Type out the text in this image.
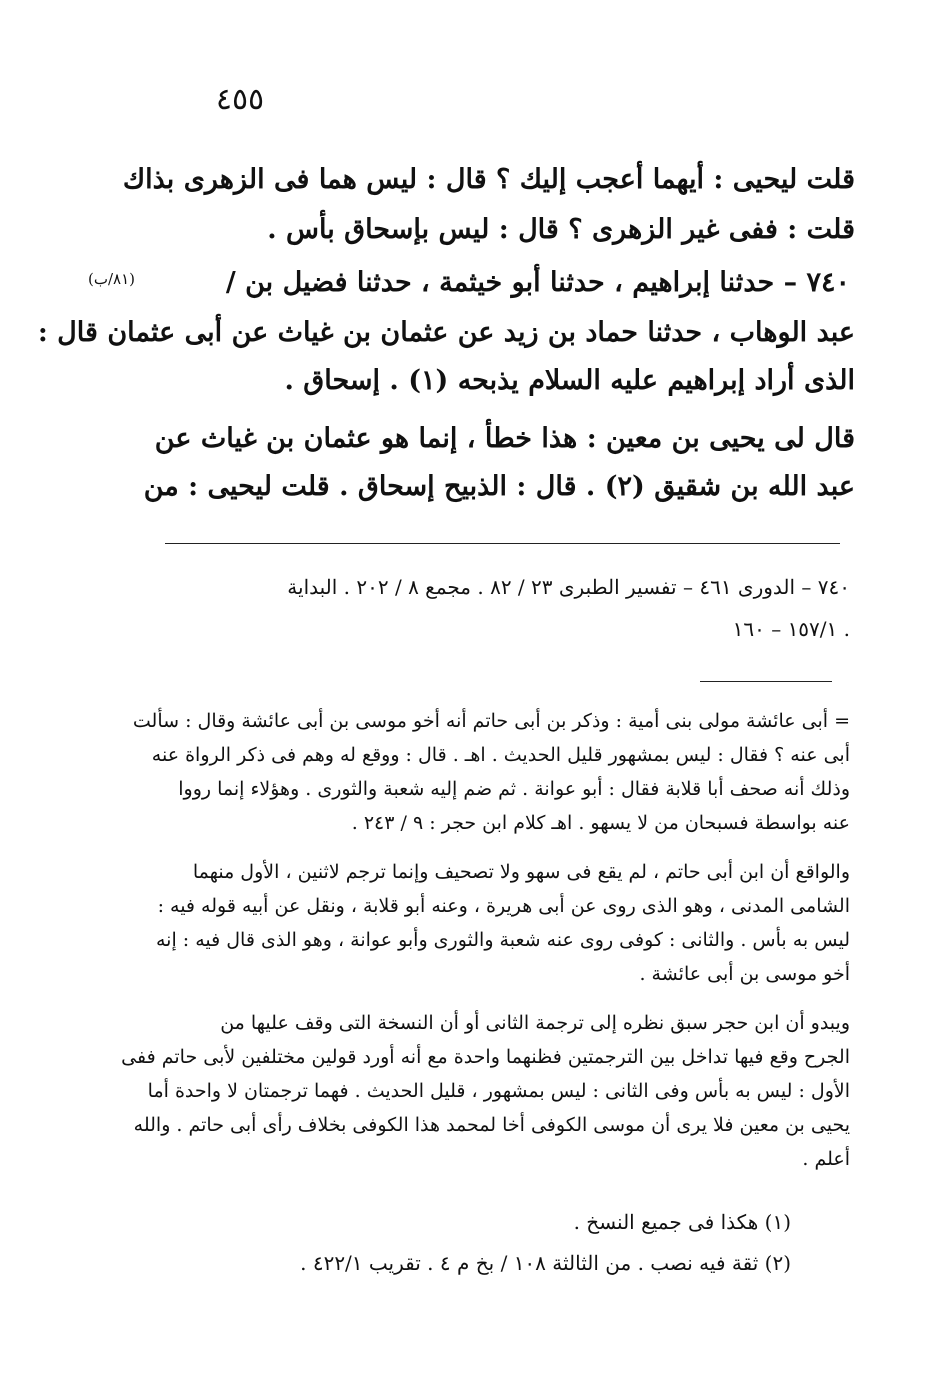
٤٥٥
قلت ليحيى : أيهما أعجب إليك ؟ قال : ليس هما فى الزهرى بذاك
قلت : ففى غير الزهرى ؟ قال : ليس بإسحاق بأس .
٧٤٠ – حدثنا إبراهيم ، حدثنا أبو خيثمة ، حدثنا فضيل بن /
(٨١/ب)
عبد الوهاب ، حدثنا حماد بن زيد عن عثمان بن غياث عن أبى عثمان قال :
الذى أراد إبراهيم عليه السلام يذبحه (١) . إسحاق .
قال لى يحيى بن معين : هذا خطأ ، إنما هو عثمان بن غياث عن
عبد الله بن شقيق (٢) . قال : الذبيح إسحاق . قلت ليحيى : من
٧٤٠ – الدورى ٤٦١ – تفسير الطبرى ٢٣ / ٨٢ . مجمع ٨ / ٢٠٢ . البداية
١٥٧/١ – ١٦٠ .
= أبى عائشة مولى بنى أمية : وذكر بن أبى حاتم أنه أخو موسى بن أبى عائشة وقال : سألت
أبى عنه ؟ فقال : ليس بمشهور قليل الحديث . اهـ . قال : ووقع له وهم فى ذكر الرواة عنه
وذلك أنه صحف أبا قلابة فقال : أبو عوانة . ثم ضم إليه شعبة والثورى . وهؤلاء إنما رووا
عنه بواسطة فسبحان من لا يسهو . اهـ كلام ابن حجر : ٩ / ٢٤٣ .
والواقع أن ابن أبى حاتم ، لم يقع فى سهو ولا تصحيف وإنما ترجم لاثنين ، الأول منهما
الشامى المدنى ، وهو الذى روى عن أبى هريرة ، وعنه أبو قلابة ، ونقل عن أبيه قوله فيه :
ليس به بأس . والثانى : كوفى روى عنه شعبة والثورى وأبو عوانة ، وهو الذى قال فيه : إنه
أخو موسى بن أبى عائشة .
ويبدو أن ابن حجر سبق نظره إلى ترجمة الثانى أو أن النسخة التى وقف عليها من
الجرح وقع فيها تداخل بين الترجمتين فظنهما واحدة مع أنه أورد قولين مختلفين لأبى حاتم ففى
الأول : ليس به بأس وفى الثانى : ليس بمشهور ، قليل الحديث . فهما ترجمتان لا واحدة أما
يحيى بن معين فلا يرى أن موسى الكوفى أخا لمحمد هذا الكوفى بخلاف رأى أبى حاتم . والله
أعلم .
(١) هكذا فى جميع النسخ .
(٢) ثقة فيه نصب . من الثالثة ١٠٨ / بخ م ٤ . تقريب ٤٢٢/١ .
